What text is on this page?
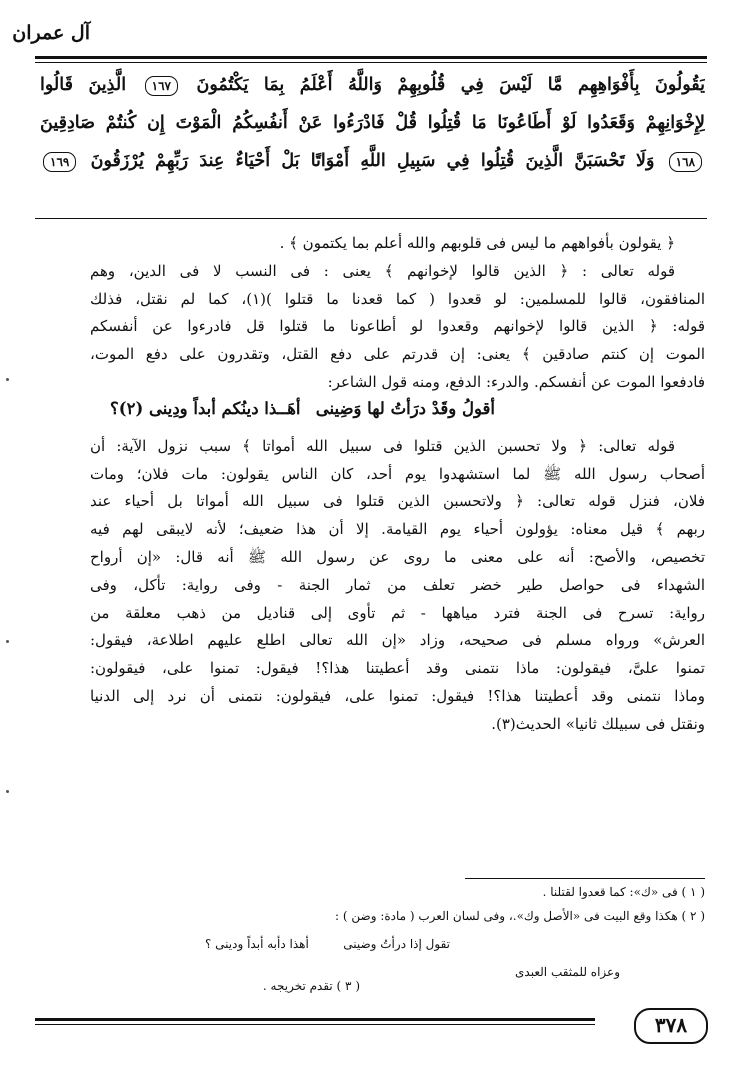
آل عمران
يَقُولُونَ بِأَفْوَاهِهِم مَّا لَيْسَ فِي قُلُوبِهِمْ وَاللَّهُ أَعْلَمُ بِمَا يَكْتُمُونَ ١٦٧ الَّذِينَ قَالُوا
لِإِخْوَانِهِمْ وَقَعَدُوا لَوْ أَطَاعُونَا مَا قُتِلُوا قُلْ فَادْرَءُوا عَنْ أَنفُسِكُمُ الْمَوْتَ إِن كُنتُمْ صَادِقِينَ
١٦٨ وَلَا تَحْسَبَنَّ الَّذِينَ قُتِلُوا فِي سَبِيلِ اللَّهِ أَمْوَاتًا بَلْ أَحْيَاءٌ عِندَ رَبِّهِمْ يُرْزَقُونَ ١٦٩
﴿ يقولون بأفواههم ما ليس فى قلوبهم والله أعلم بما يكتمون ﴾ .
قوله تعالى : ﴿ الذين قالوا لإخوانهم ﴾ يعنى : فى النسب لا فى الدين، وهم
المنافقون، قالوا للمسلمين: لو قعدوا ( كما قعدنا ما قتلوا )(١)، كما لم نقتل، فذلك
قوله: ﴿ الذين قالوا لإخوانهم وقعدوا لو أطاعونا ما قتلوا قل فادرءوا عن أنفسكم
الموت إن كنتم صادقين ﴾ يعنى: إن قدرتم على دفع القتل، وتقدرون على دفع الموت،
فادفعوا الموت عن أنفسكم. والدرء: الدفع، ومنه قول الشاعر:
أقولُ وقَدْ درَأتُ لها وَضِينى
أهَــذا دينُكم أبداً ودِينى (٢)؟
قوله تعالى: ﴿ ولا تحسبن الذين قتلوا فى سبيل الله أمواتا ﴾ سبب نزول الآية: أن
أصحاب رسول الله ﷺ لما استشهدوا يوم أحد، كان الناس يقولون: مات فلان؛ ومات
فلان، فنزل قوله تعالى: ﴿ ولاتحسبن الذين قتلوا فى سبيل الله أمواتا بل أحياء عند
ربهم ﴾ قيل معناه: يؤولون أحياء يوم القيامة. إلا أن هذا ضعيف؛ لأنه لايبقى لهم فيه
تخصيص، والأصح: أنه على معنى ما روى عن رسول الله ﷺ أنه قال: «إن أرواح
الشهداء فى حواصل طير خضر تعلف من ثمار الجنة - وفى رواية: تأكل، وفى
رواية: تسرح فى الجنة فترد مياهها - ثم تأوى إلى قناديل من ذهب معلقة من
العرش» ورواه مسلم فى صحيحه، وزاد «إن الله تعالى اطلع عليهم اطلاعة، فيقول:
تمنوا علىَّ، فيقولون: ماذا نتمنى وقد أعطيتنا هذا؟! فيقول: تمنوا على، فيقولون:
وماذا نتمنى وقد أعطيتنا هذا؟! فيقول: تمنوا على، فيقولون: نتمنى أن نرد إلى الدنيا
ونقتل فى سبيلك ثانيا» الحديث(٣).
( ١ ) فى «ك»: كما قعدوا لقتلنا .
( ٢ ) هكذا وقع البيت فى «الأصل وك».، وفى لسان العرب ( مادة: وضن ) :
تقول إذا درأتُ وضينى
أهذا دأبه أبداً ودينى ؟
وعزاه للمثقب العبدى
( ٣ ) تقدم تخريجه .
٣٧٨
